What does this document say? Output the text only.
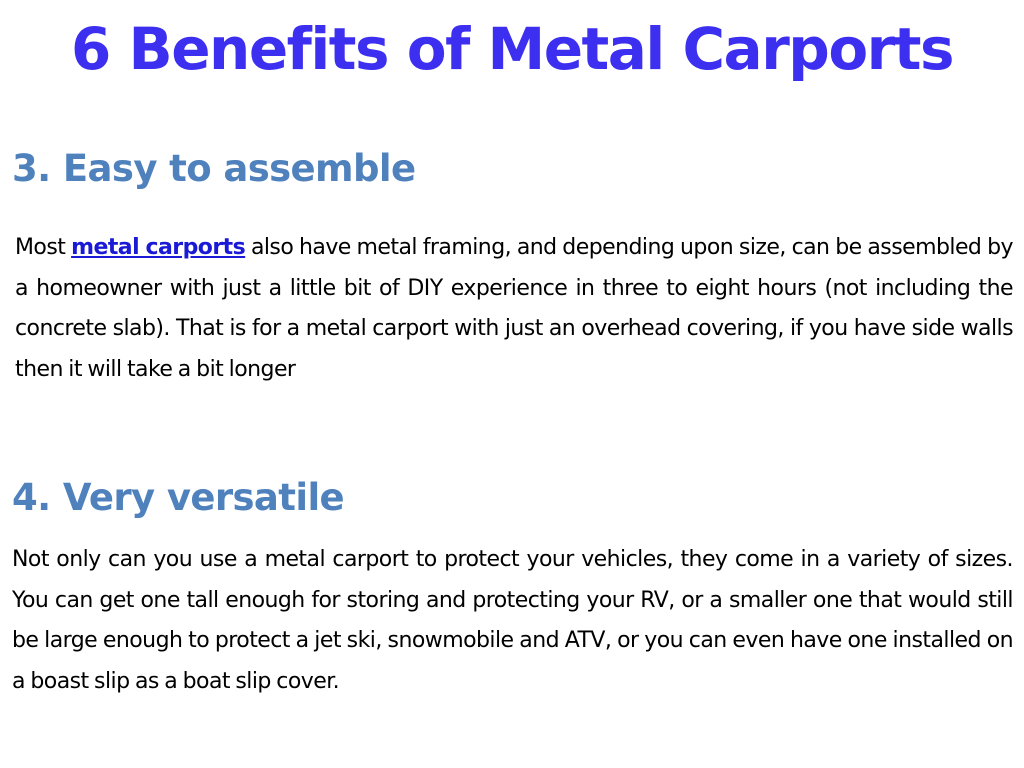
6 Benefits of Metal Carports
3. Easy to assemble

Most metal carports also have metal framing, and depending upon size, can be assembled by a homeowner with just a little bit of DIY experience in three to eight hours (not including the concrete slab). That is for a metal carport with just an overhead covering, if you have side walls then it will take a bit longer

4. Very versatile

Not only can you use a metal carport to protect your vehicles, they come in a variety of sizes. You can get one tall enough for storing and protecting your RV, or a smaller one that would still be large enough to protect a jet ski, snowmobile and ATV, or you can even have one installed on a boast slip as a boat slip cover.
